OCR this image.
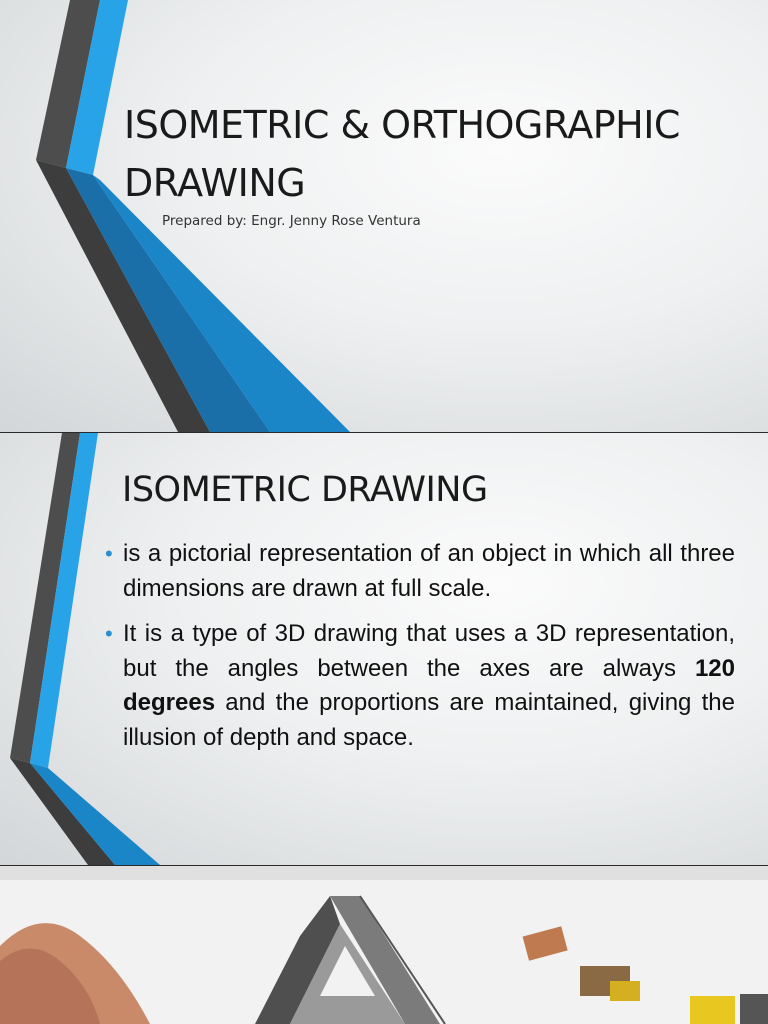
ISOMETRIC & ORTHOGRAPHIC DRAWING
Prepared by: Engr. Jenny Rose Ventura
ISOMETRIC DRAWING
• is a pictorial representation of an object in which all three dimensions are drawn at full scale.
• It is a type of 3D drawing that uses a 3D representation, but the angles between the axes are always 120 degrees and the proportions are maintained, giving the illusion of depth and space.
